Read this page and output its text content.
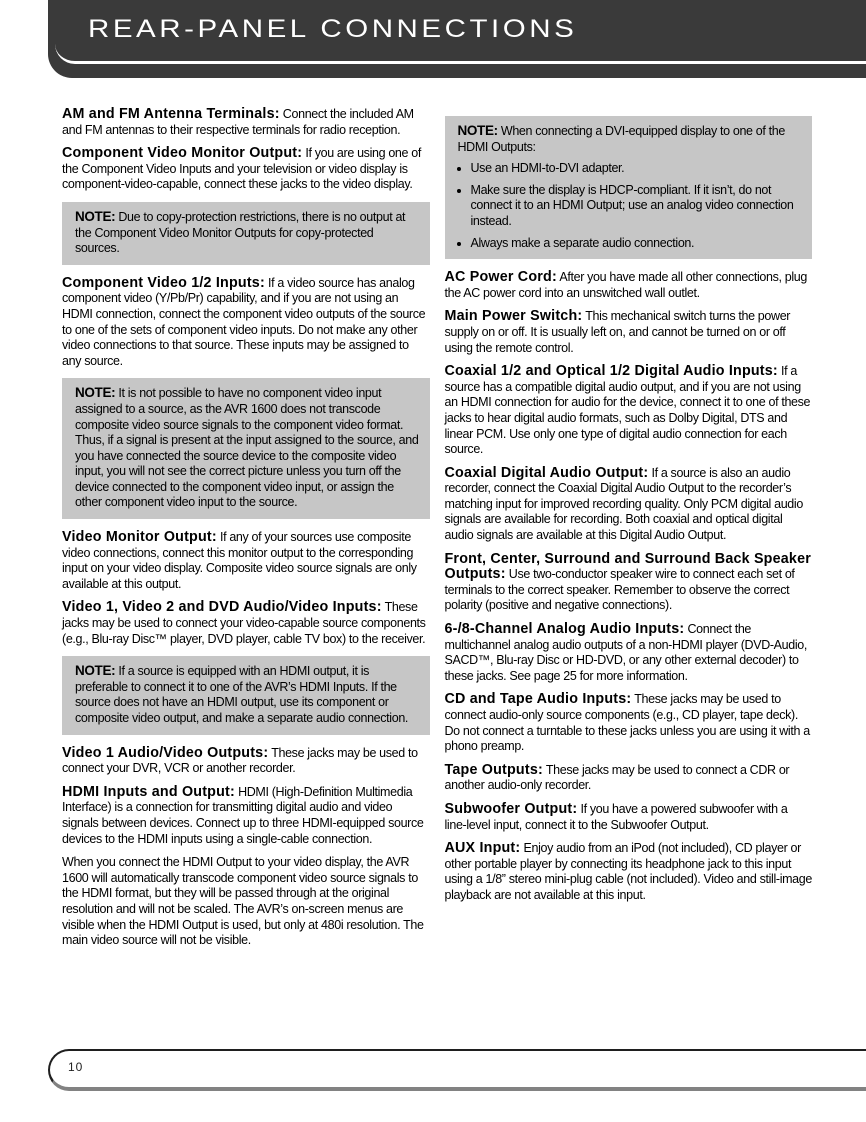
REAR-PANEL CONNECTIONS

AM and FM Antenna Terminals: Connect the included AM and FM antennas to their respective terminals for radio reception.

Component Video Monitor Output: If you are using one of the Component Video Inputs and your television or video display is component-video-capable, connect these jacks to the video display.

NOTE: Due to copy-protection restrictions, there is no output at the Component Video Monitor Outputs for copy-protected sources.

Component Video 1/2 Inputs: If a video source has analog component video (Y/Pb/Pr) capability, and if you are not using an HDMI connection, connect the component video outputs of the source to one of the sets of component video inputs. Do not make any other video connections to that source. These inputs may be assigned to any source.

NOTE: It is not possible to have no component video input assigned to a source, as the AVR 1600 does not transcode composite video source signals to the component video format. Thus, if a signal is present at the input assigned to the source, and you have connected the source device to the composite video input, you will not see the correct picture unless you turn off the device connected to the component video input, or assign the other component video input to the source.

Video Monitor Output: If any of your sources use composite video connections, connect this monitor output to the corresponding input on your video display. Composite video source signals are only available at this output.

Video 1, Video 2 and DVD Audio/Video Inputs: These jacks may be used to connect your video-capable source components (e.g., Blu-ray Disc™ player, DVD player, cable TV box) to the receiver.

NOTE: If a source is equipped with an HDMI output, it is preferable to connect it to one of the AVR’s HDMI Inputs. If the source does not have an HDMI output, use its component or composite video output, and make a separate audio connection.

Video 1 Audio/Video Outputs: These jacks may be used to connect your DVR, VCR or another recorder.

HDMI Inputs and Output: HDMI (High-Definition Multimedia Interface) is a connection for transmitting digital audio and video signals between devices. Connect up to three HDMI-equipped source devices to the HDMI inputs using a single-cable connection.

When you connect the HDMI Output to your video display, the AVR 1600 will automatically transcode component video source signals to the HDMI format, but they will be passed through at the original resolution and will not be scaled. The AVR’s on-screen menus are visible when the HDMI Output is used, but only at 480i resolution. The main video source will not be visible.

NOTE: When connecting a DVI-equipped display to one of the HDMI Outputs:

• Use an HDMI-to-DVI adapter.
• Make sure the display is HDCP-compliant. If it isn’t, do not connect it to an HDMI Output; use an analog video connection instead.
• Always make a separate audio connection.

AC Power Cord: After you have made all other connections, plug the AC power cord into an unswitched wall outlet.

Main Power Switch: This mechanical switch turns the power supply on or off. It is usually left on, and cannot be turned on or off using the remote control.

Coaxial 1/2 and Optical 1/2 Digital Audio Inputs: If a source has a compatible digital audio output, and if you are not using an HDMI connection for audio for the device, connect it to one of these jacks to hear digital audio formats, such as Dolby Digital, DTS and linear PCM. Use only one type of digital audio connection for each source.

Coaxial Digital Audio Output: If a source is also an audio recorder, connect the Coaxial Digital Audio Output to the recorder’s matching input for improved recording quality. Only PCM digital audio signals are available for recording. Both coaxial and optical digital audio signals are available at this Digital Audio Output.

Front, Center, Surround and Surround Back Speaker Outputs: Use two-conductor speaker wire to connect each set of terminals to the correct speaker. Remember to observe the correct polarity (positive and negative connections).

6-/8-Channel Analog Audio Inputs: Connect the multichannel analog audio outputs of a non-HDMI player (DVD-Audio, SACD™, Blu-ray Disc or HD-DVD, or any other external decoder) to these jacks. See page 25 for more information.

CD and Tape Audio Inputs: These jacks may be used to connect audio-only source components (e.g., CD player, tape deck). Do not connect a turntable to these jacks unless you are using it with a phono preamp.

Tape Outputs: These jacks may be used to connect a CDR or another audio-only recorder.

Subwoofer Output: If you have a powered subwoofer with a line-level input, connect it to the Subwoofer Output.

AUX Input: Enjoy audio from an iPod (not included), CD player or other portable player by connecting its headphone jack to this input using a 1/8” stereo mini-plug cable (not included). Video and still-image playback are not available at this input.

10
